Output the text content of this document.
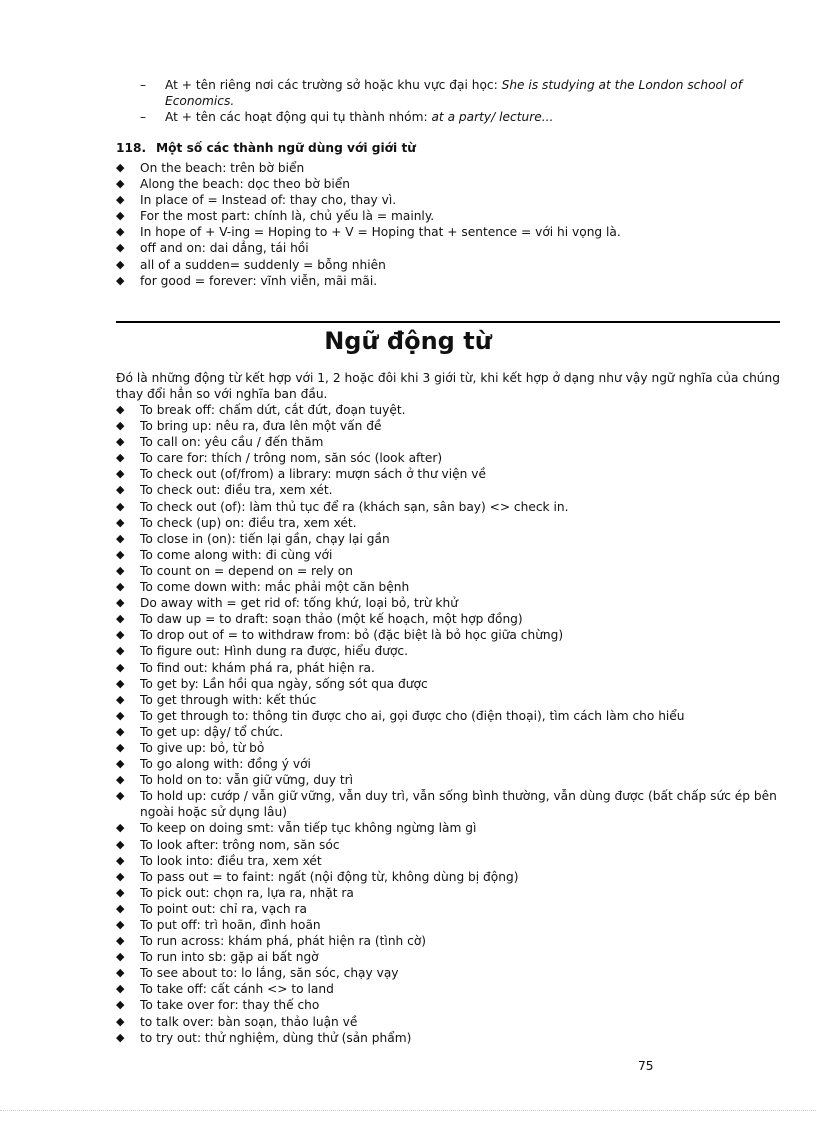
– At + tên riêng nơi các trường sở hoặc khu vực đại học: She is studying at the London school of
Economics.
– At + tên các hoạt động qui tụ thành nhóm: at a party/ lecture...
118. Một số các thành ngữ dùng với giới từ
◆ On the beach: trên bờ biển
◆ Along the beach: dọc theo bờ biển
◆ In place of = Instead of: thay cho, thay vì.
◆ For the most part: chính là, chủ yếu là = mainly.
◆ In hope of + V-ing = Hoping to + V = Hoping that + sentence = với hi vọng là.
◆ off and on: dai dẳng, tái hồi
◆ all of a sudden= suddenly = bỗng nhiên
◆ for good = forever: vĩnh viễn, mãi mãi.
Ngữ động từ
Đó là những động từ kết hợp với 1, 2 hoặc đôi khi 3 giới từ, khi kết hợp ở dạng như vậy ngữ nghĩa của chúng thay đổi hẳn so với nghĩa ban đầu.
◆ To break off: chấm dứt, cắt đứt, đoạn tuyệt.
◆ To bring up: nêu ra, đưa lên một vấn đề
◆ To call on: yêu cầu / đến thăm
◆ To care for: thích / trông nom, săn sóc (look after)
◆ To check out (of/from) a library: mượn sách ở thư viện về
◆ To check out: điều tra, xem xét.
◆ To check out (of): làm thủ tục để ra (khách sạn, sân bay) <> check in.
◆ To check (up) on: điều tra, xem xét.
◆ To close in (on): tiến lại gần, chạy lại gần
◆ To come along with: đi cùng với
◆ To count on = depend on = rely on
◆ To come down with: mắc phải một căn bệnh
◆ Do away with = get rid of: tống khứ, loại bỏ, trừ khử
◆ To daw up = to draft: soạn thảo (một kế hoạch, một hợp đồng)
◆ To drop out of = to withdraw from: bỏ (đặc biệt là bỏ học giữa chừng)
◆ To figure out: Hình dung ra được, hiểu được.
◆ To find out: khám phá ra, phát hiện ra.
◆ To get by: Lần hồi qua ngày, sống sót qua được
◆ To get through with: kết thúc
◆ To get through to: thông tin được cho ai, gọi được cho (điện thoại), tìm cách làm cho hiểu
◆ To get up: dậy/ tổ chức.
◆ To give up: bỏ, từ bỏ
◆ To go along with: đồng ý với
◆ To hold on to: vẫn giữ vững, duy trì
◆ To hold up: cướp / vẫn giữ vững, vẫn duy trì, vẫn sống bình thường, vẫn dùng được (bất chấp sức ép bên ngoài hoặc sử dụng lâu)
◆ To keep on doing smt: vẫn tiếp tục không ngừng làm gì
◆ To look after: trông nom, săn sóc
◆ To look into: điều tra, xem xét
◆ To pass out = to faint: ngất (nội động từ, không dùng bị động)
◆ To pick out: chọn ra, lựa ra, nhặt ra
◆ To point out: chỉ ra, vạch ra
◆ To put off: trì hoãn, đình hoãn
◆ To run across: khám phá, phát hiện ra (tình cờ)
◆ To run into sb: gặp ai bất ngờ
◆ To see about to: lo lắng, săn sóc, chạy vạy
◆ To take off: cất cánh <> to land
◆ To take over for: thay thế cho
◆ to talk over: bàn soạn, thảo luận về
◆ to try out: thử nghiệm, dùng thử (sản phẩm)
75
